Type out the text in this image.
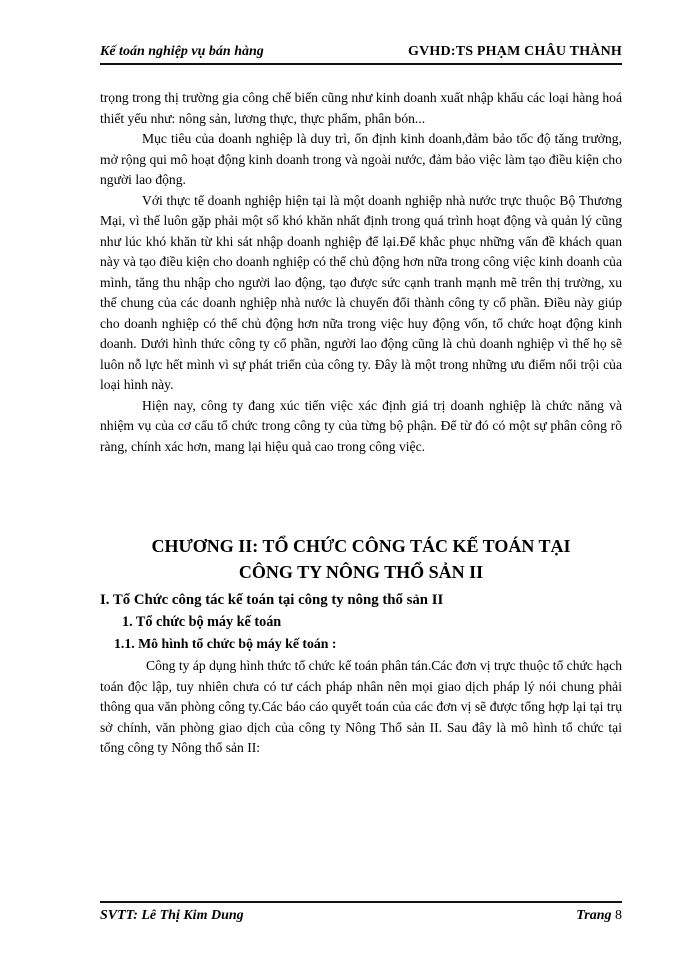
Kế toán nghiệp vụ bán hàng	GVHD:TS PHẠM CHÂU THÀNH

trọng trong thị trường gia công chế biến cũng như kinh doanh xuất nhập khẩu các loại hàng hoá thiết yếu như: nông sản, lương thực, thực phẩm, phân bón...

Mục tiêu của doanh nghiệp là duy trì, ổn định kinh doanh,đảm bảo tốc độ tăng trưởng, mở rộng qui mô hoạt động kinh doanh trong và ngoài nước, đảm bảo việc làm tạo điều kiện cho người lao động.

Với thực tế doanh nghiệp hiện tại là một doanh nghiệp nhà nước trực thuộc Bộ Thương Mại, vì thế luôn gặp phải một số khó khăn nhất định trong quá trình hoạt động và quản lý cũng như lúc khó khăn từ khi sát nhập doanh nghiệp để lại.Để khắc phục những vấn đề khách quan này và tạo điều kiện cho doanh nghiệp có thể chủ động hơn nữa trong công việc kinh doanh của mình, tăng thu nhập cho người lao động, tạo được sức cạnh tranh mạnh mẽ trên thị trường, xu thế chung của các doanh nghiệp nhà nước là chuyển đổi thành công ty cổ phần. Điều này giúp cho doanh nghiệp có thể chủ động hơn nữa trong việc huy động vốn, tổ chức hoạt động kinh doanh. Dưới hình thức công ty cổ phần, người lao động cũng là chủ doanh nghiệp vì thế họ sẽ luôn nỗ lực hết mình vì sự phát triển của công ty. Đây là một trong những ưu điểm nổi trội của loại hình này.

Hiện nay, công ty đang xúc tiến việc xác định giá trị doanh nghiệp là chức năng và nhiệm vụ của cơ cấu tổ chức trong công ty của từng bộ phận. Để từ đó có một sự phân công rõ ràng, chính xác hơn, mang lại hiệu quả cao trong công việc.

CHƯƠNG II: TỔ CHỨC CÔNG TÁC KẾ TOÁN TẠI
CÔNG TY NÔNG THỔ SẢN II
I. Tổ Chức công tác kế toán tại công ty nông thổ sản II
1. Tổ chức bộ máy kế toán
1.1. Mô hình tổ chức bộ máy kế toán :

Công ty áp dụng hình thức tổ chức kế toán phân tán.Các đơn vị trực thuộc tổ chức hạch toán độc lập, tuy nhiên chưa có tư cách pháp nhân nên mọi giao dịch pháp lý nói chung phải thông qua văn phòng công ty.Các báo cáo quyết toán của các đơn vị sẽ được tổng hợp lại tại trụ sở chính, văn phòng giao dịch của công ty Nông Thổ sản II. Sau đây là mô hình tổ chức tại tổng công ty Nông thổ sản II:

SVTT: Lê Thị Kim Dung	Trang 8
